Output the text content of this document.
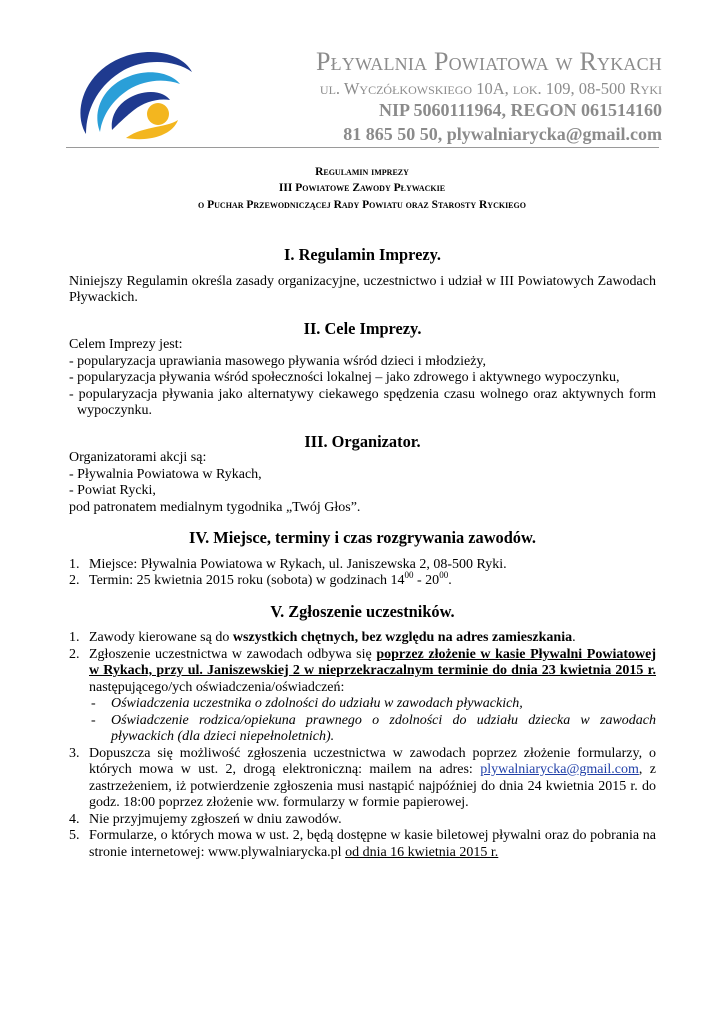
Pływalnia Powiatowa w Rykach
ul. Wyczółkowskiego 10A, lok. 109, 08-500 Ryki
NIP 5060111964, REGON 061514160
81 865 50 50, plywalniarycka@gmail.com
Regulamin imprezy
III Powiatowe Zawody Pływackie
o Puchar Przewodniczącej Rady Powiatu oraz Starosty Ryckiego
I. Regulamin Imprezy.

Niniejszy Regulamin określa zasady organizacyjne, uczestnictwo i udział w III Powiatowych Zawodach Pływackich.

II. Cele Imprezy.

Celem Imprezy jest:

- popularyzacja uprawiania masowego pływania wśród dzieci i młodzieży,

- popularyzacja pływania wśród społeczności lokalnej – jako zdrowego i aktywnego wypoczynku,

- popularyzacja pływania jako alternatywy ciekawego spędzenia czasu wolnego oraz aktywnych form wypoczynku.

III. Organizator.

Organizatorami akcji są:

- Pływalnia Powiatowa w Rykach,

- Powiat Rycki,

pod patronatem medialnym tygodnika „Twój Głos”.

IV. Miejsce, terminy i czas rozgrywania zawodów.
1. Miejsce: Pływalnia Powiatowa w Rykach, ul. Janiszewska 2, 08-500 Ryki.
2. Termin: 25 kwietnia 2015 roku (sobota) w godzinach $14^{00} - 20^{00}$.
V. Zgłoszenie uczestników.
1. Zawody kierowane są do wszystkich chętnych, bez względu na adres zamieszkania.
2. Zgłoszenie uczestnictwa w zawodach odbywa się poprzez złożenie w kasie Pływalni Powiatowej w Rykach, przy ul. Janiszewskiej 2 w nieprzekraczalnym terminie do dnia 23 kwietnia 2015 r. następującego/ych oświadczenia/oświadczeń:
- Oświadczenia uczestnika o zdolności do udziału w zawodach pływackich,
- Oświadczenie rodzica/opiekuna prawnego o zdolności do udziału dziecka w zawodach pływackich (dla dzieci niepełnoletnich).
3. Dopuszcza się możliwość zgłoszenia uczestnictwa w zawodach poprzez złożenie formularzy, o których mowa w ust. 2, drogą elektroniczną: mailem na adres: plywalniarycka@gmail.com, z zastrzeżeniem, iż potwierdzenie zgłoszenia musi nastąpić najpóźniej do dnia 24 kwietnia 2015 r. do godz. 18:00 poprzez złożenie ww. formularzy w formie papierowej.
4. Nie przyjmujemy zgłoszeń w dniu zawodów.
5. Formularze, o których mowa w ust. 2, będą dostępne w kasie biletowej pływalni oraz do pobrania na stronie internetowej: www.plywalniarycka.pl od dnia 16 kwietnia 2015 r.
